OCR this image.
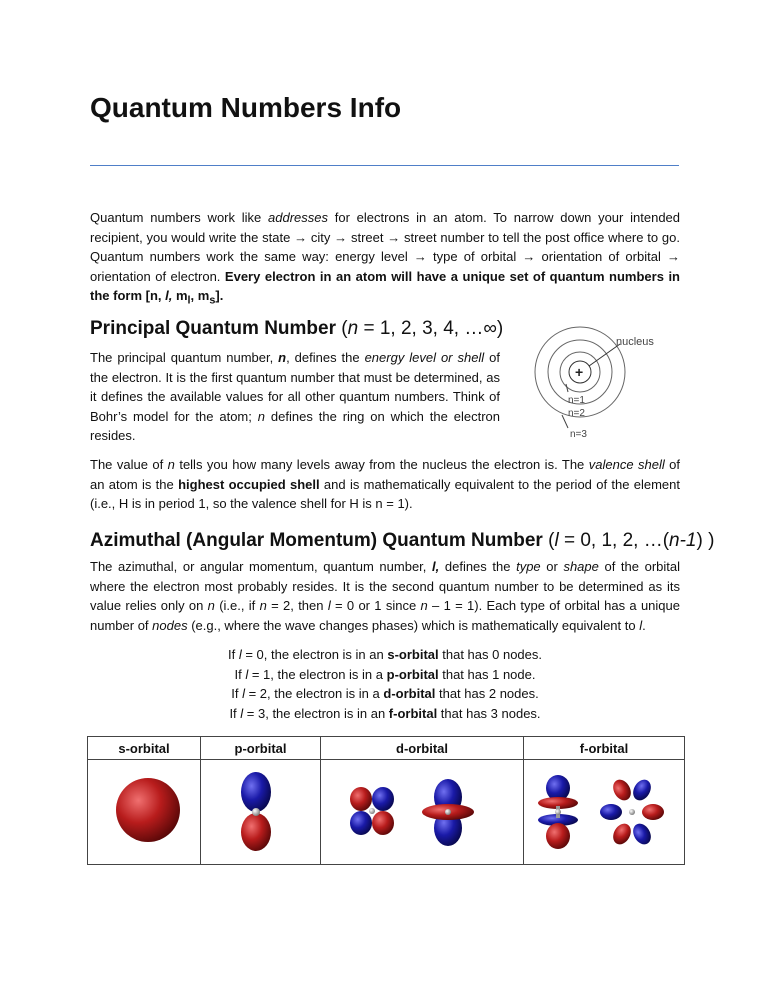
Quantum Numbers Info

Quantum numbers work like addresses for electrons in an atom. To narrow down your intended recipient, you would write the state → city → street → street number to tell the post office where to go. Quantum numbers work the same way: energy level → type of orbital → orientation of orbital → orientation of electron. Every electron in an atom will have a unique set of quantum numbers in the form [n, l, $m_l$, $m_s$].

Principal Quantum Number (n = 1, 2, 3, 4, …∞)

The principal quantum number, n, defines the energy level or shell of the electron. It is the first quantum number that must be determined, as it defines the available values for all other quantum numbers. Think of Bohr’s model for the atom; n defines the ring on which the electron resides.

+
nucleus
n=1
n=2
n=3

The value of n tells you how many levels away from the nucleus the electron is. The valence shell of an atom is the highest occupied shell and is mathematically equivalent to the period of the element (i.e., H is in period 1, so the valence shell for H is n = 1).

Azimuthal (Angular Momentum) Quantum Number (l = 0, 1, 2, …(n-1) )

The azimuthal, or angular momentum, quantum number, l, defines the type or shape of the orbital where the electron most probably resides. It is the second quantum number to be determined as its value relies only on n (i.e., if n = 2, then l = 0 or 1 since n – 1 = 1). Each type of orbital has a unique number of nodes (e.g., where the wave changes phases) which is mathematically equivalent to l.

If l = 0, the electron is in an s-orbital that has 0 nodes.
If l = 1, the electron is in a p-orbital that has 1 node.
If l = 2, the electron is in a d-orbital that has 2 nodes.
If l = 3, the electron is in an f-orbital that has 3 nodes.
s-orbital	p-orbital	d-orbital	f-orbital
